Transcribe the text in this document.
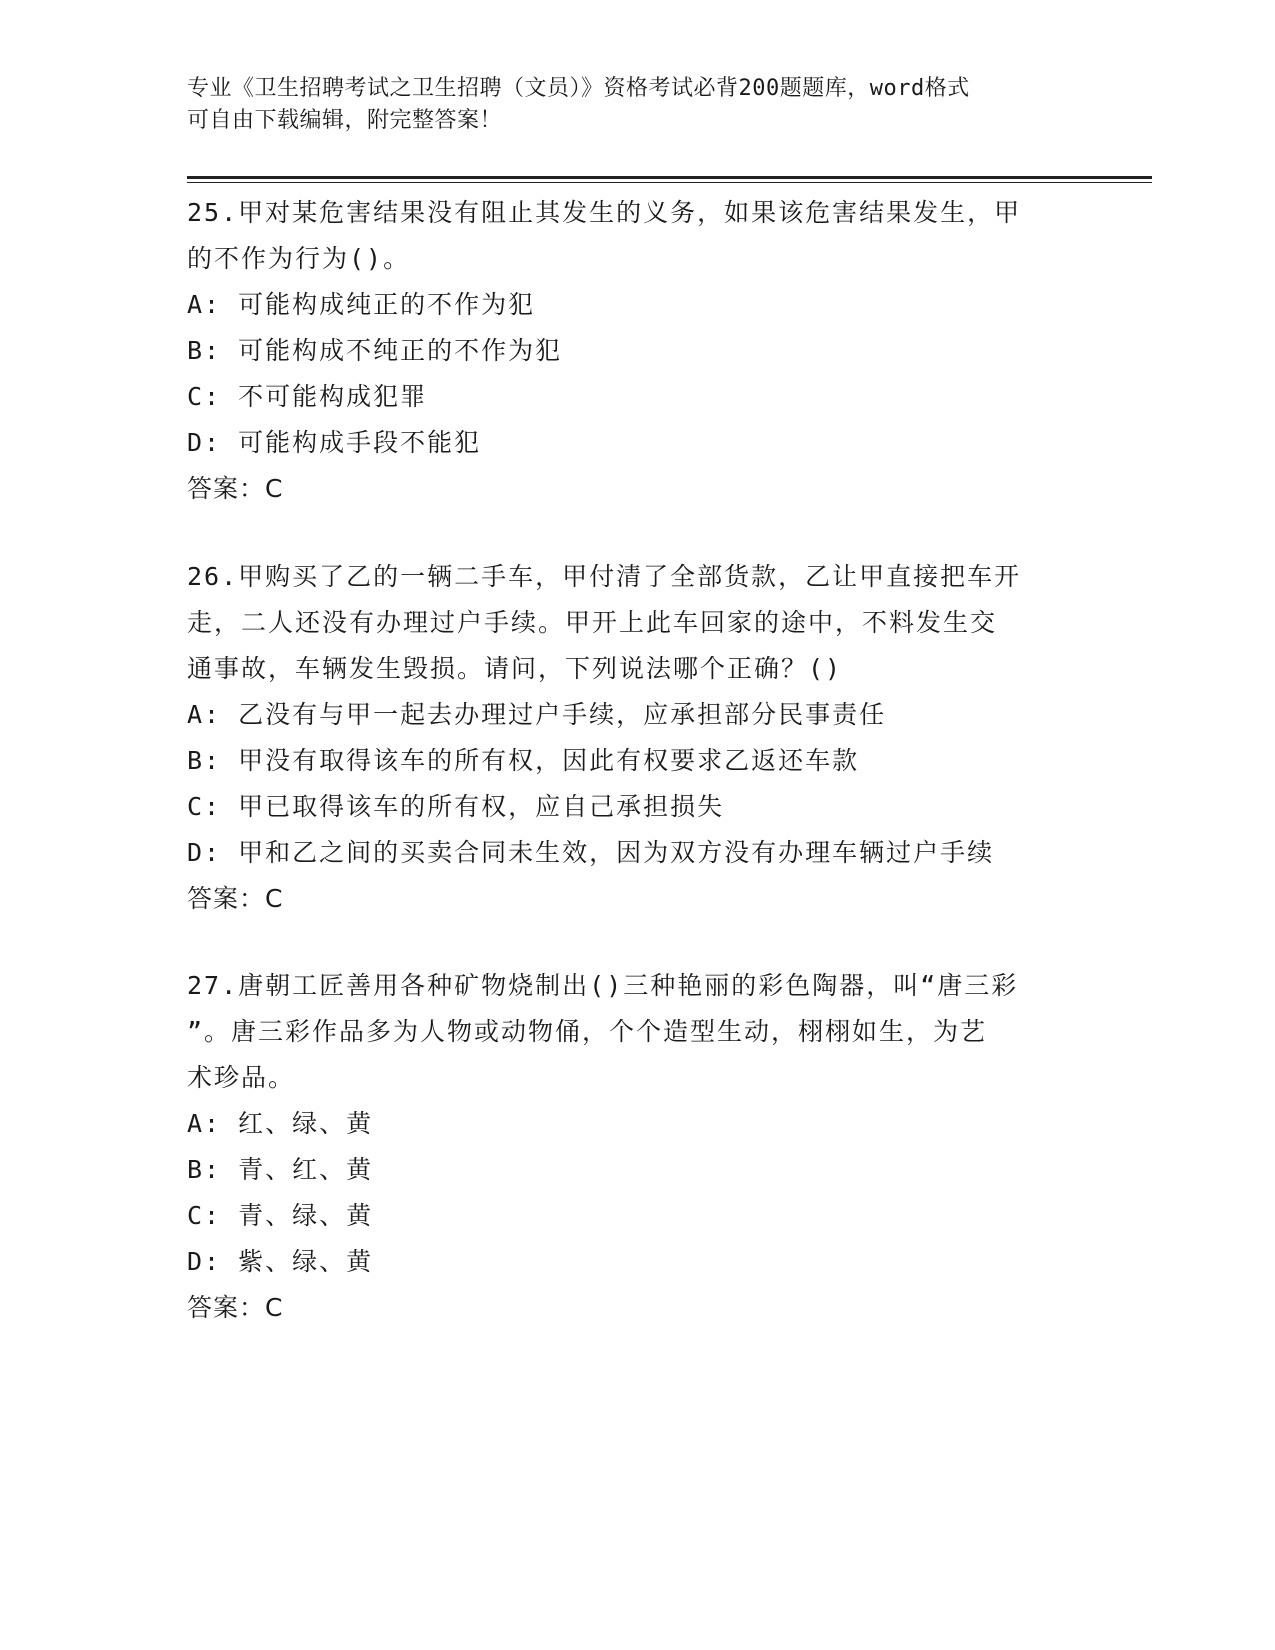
专业《卫生招聘考试之卫生招聘（文员）》资格考试必背200题题库，word格式
可自由下载编辑，附完整答案！

25.甲对某危害结果没有阻止其发生的义务，如果该危害结果发生，甲

的不作为行为()。

A: 可能构成纯正的不作为犯

B: 可能构成不纯正的不作为犯

C: 不可能构成犯罪

D: 可能构成手段不能犯

答案：C

26.甲购买了乙的一辆二手车，甲付清了全部货款，乙让甲直接把车开

走，二人还没有办理过户手续。甲开上此车回家的途中，不料发生交

通事故，车辆发生毁损。请问，下列说法哪个正确？()

A: 乙没有与甲一起去办理过户手续，应承担部分民事责任

B: 甲没有取得该车的所有权，因此有权要求乙返还车款

C: 甲已取得该车的所有权，应自己承担损失

D: 甲和乙之间的买卖合同未生效，因为双方没有办理车辆过户手续

答案：C

27.唐朝工匠善用各种矿物烧制出()三种艳丽的彩色陶器，叫“唐三彩

”。唐三彩作品多为人物或动物俑，个个造型生动，栩栩如生，为艺

术珍品。

A: 红、绿、黄

B: 青、红、黄

C: 青、绿、黄

D: 紫、绿、黄

答案：C
